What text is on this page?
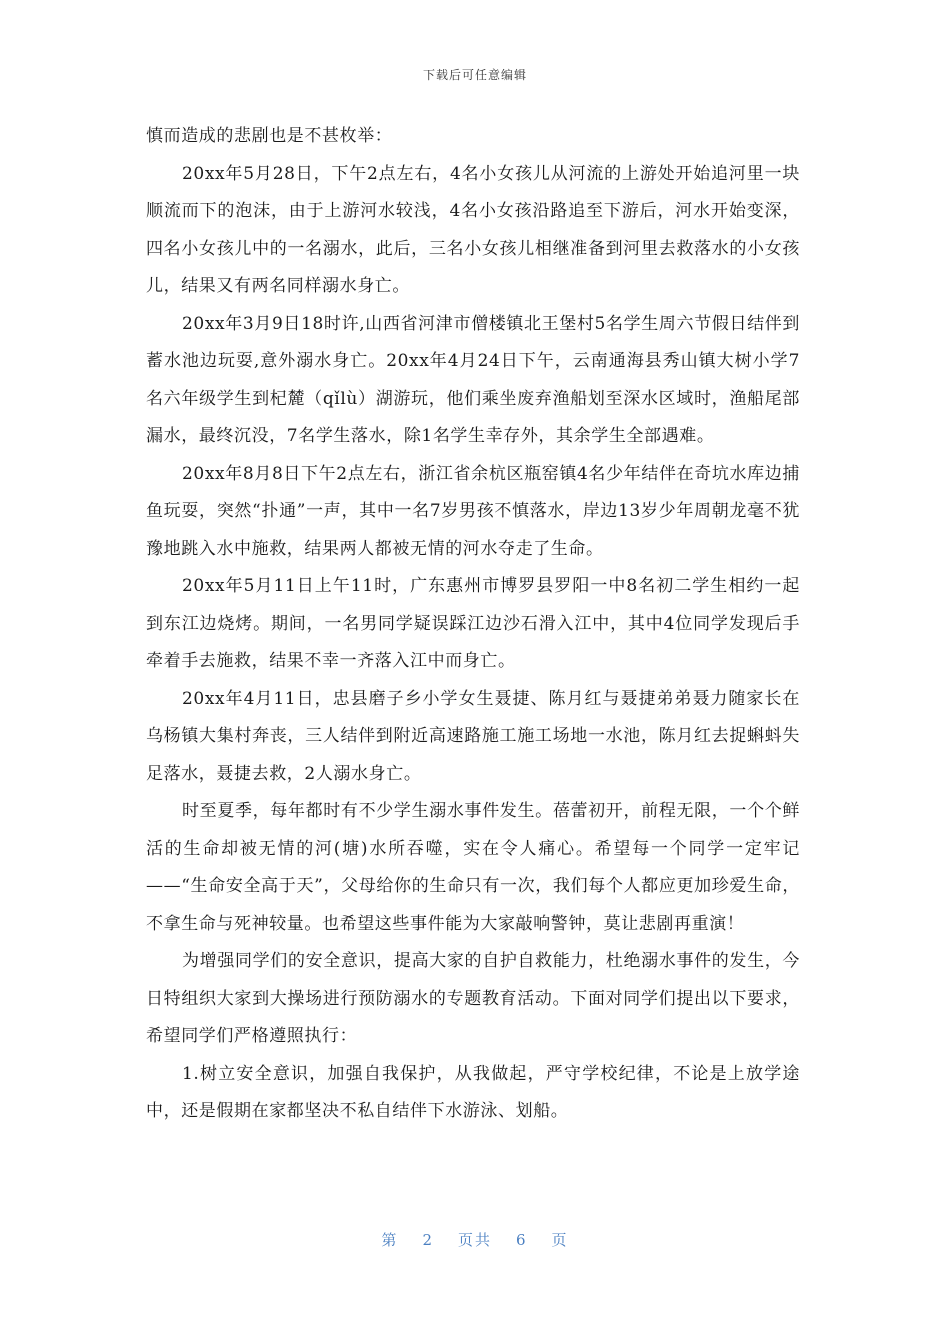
下载后可任意编辑

慎而造成的悲剧也是不甚枚举：

20xx年5月28日，下午2点左右，4名小女孩儿从河流的上游处开始追河里一块顺流而下的泡沫，由于上游河水较浅，4名小女孩沿路追至下游后，河水开始变深，四名小女孩儿中的一名溺水，此后，三名小女孩儿相继准备到河里去救落水的小女孩儿，结果又有两名同样溺水身亡。

20xx年3月9日18时许,山西省河津市僧楼镇北王堡村5名学生周六节假日结伴到蓄水池边玩耍,意外溺水身亡。20xx年4月24日下午，云南通海县秀山镇大树小学7名六年级学生到杞麓（qǐlù）湖游玩，他们乘坐废弃渔船划至深水区域时，渔船尾部漏水，最终沉没，7名学生落水，除1名学生幸存外，其余学生全部遇难。

20xx年8月8日下午2点左右，浙江省余杭区瓶窑镇4名少年结伴在奇坑水库边捕鱼玩耍，突然“扑通”一声，其中一名7岁男孩不慎落水，岸边13岁少年周朝龙毫不犹豫地跳入水中施救，结果两人都被无情的河水夺走了生命。

20xx年5月11日上午11时，广东惠州市博罗县罗阳一中8名初二学生相约一起到东江边烧烤。期间，一名男同学疑误踩江边沙石滑入江中，其中4位同学发现后手牵着手去施救，结果不幸一齐落入江中而身亡。

20xx年4月11日，忠县磨子乡小学女生聂捷、陈月红与聂捷弟弟聂力随家长在乌杨镇大集村奔丧，三人结伴到附近高速路施工施工场地一水池，陈月红去捉蝌蚪失足落水，聂捷去救，2人溺水身亡。

时至夏季，每年都时有不少学生溺水事件发生。蓓蕾初开，前程无限，一个个鲜活的生命却被无情的河(塘)水所吞噬，实在令人痛心。希望每一个同学一定牢记——“生命安全高于天”，父母给你的生命只有一次，我们每个人都应更加珍爱生命，不拿生命与死神较量。也希望这些事件能为大家敲响警钟，莫让悲剧再重演！

为增强同学们的安全意识，提高大家的自护自救能力，杜绝溺水事件的发生，今日特组织大家到大操场进行预防溺水的专题教育活动。下面对同学们提出以下要求，希望同学们严格遵照执行：

1.树立安全意识，加强自我保护，从我做起，严守学校纪律，不论是上放学途中，还是假期在家都坚决不私自结伴下水游泳、划船。

第 2 页共 6 页
